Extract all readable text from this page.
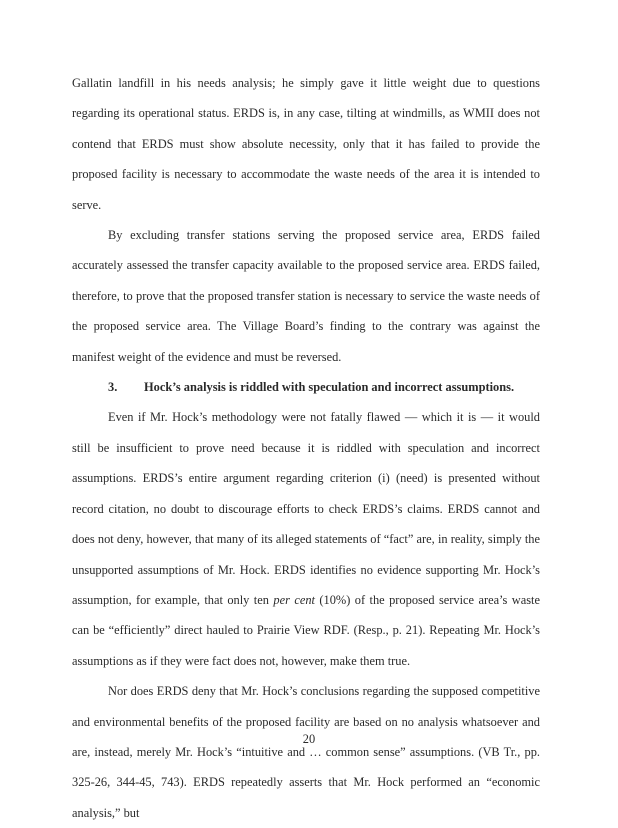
Gallatin landfill in his needs analysis; he simply gave it little weight due to questions regarding its operational status. ERDS is, in any case, tilting at windmills, as WMII does not contend that ERDS must show absolute necessity, only that it has failed to provide the proposed facility is necessary to accommodate the waste needs of the area it is intended to serve.

By excluding transfer stations serving the proposed service area, ERDS failed accurately assessed the transfer capacity available to the proposed service area. ERDS failed, therefore, to prove that the proposed transfer station is necessary to service the waste needs of the proposed service area. The Village Board’s finding to the contrary was against the manifest weight of the evidence and must be reversed.

3. Hock’s analysis is riddled with speculation and incorrect assumptions.

Even if Mr. Hock’s methodology were not fatally flawed — which it is — it would still be insufficient to prove need because it is riddled with speculation and incorrect assumptions. ERDS’s entire argument regarding criterion (i) (need) is presented without record citation, no doubt to discourage efforts to check ERDS’s claims. ERDS cannot and does not deny, however, that many of its alleged statements of “fact” are, in reality, simply the unsupported assumptions of Mr. Hock. ERDS identifies no evidence supporting Mr. Hock’s assumption, for example, that only ten per cent (10%) of the proposed service area’s waste can be “efficiently” direct hauled to Prairie View RDF. (Resp., p. 21). Repeating Mr. Hock’s assumptions as if they were fact does not, however, make them true.

Nor does ERDS deny that Mr. Hock’s conclusions regarding the supposed competitive and environmental benefits of the proposed facility are based on no analysis whatsoever and are, instead, merely Mr. Hock’s “intuitive and … common sense” assumptions. (VB Tr., pp. 325-26, 344-45, 743). ERDS repeatedly asserts that Mr. Hock performed an “economic analysis,” but

20
